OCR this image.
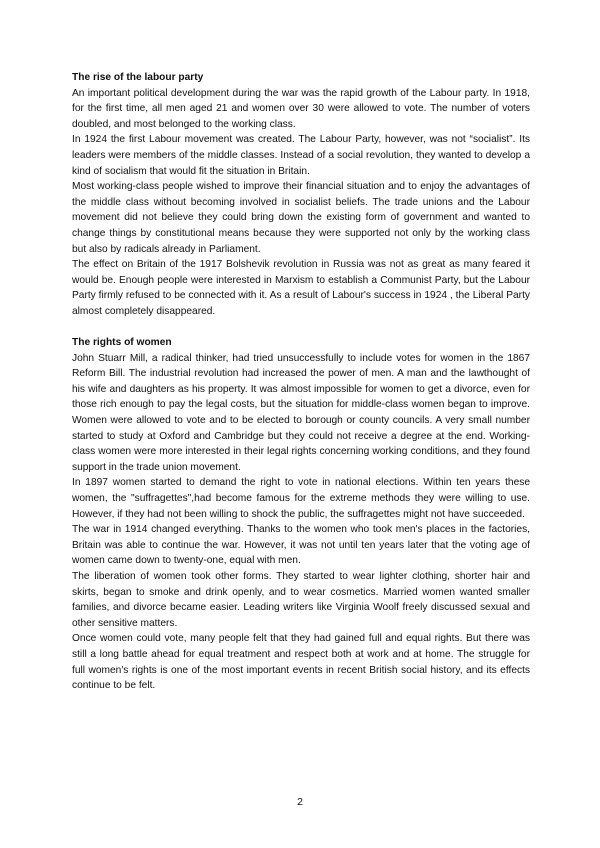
The rise of the labour party

An important political development during the war was the rapid growth of the Labour party. In 1918, for the first time, all men aged 21 and women over 30 were allowed to vote. The number of voters doubled, and most belonged to the working class.

In 1924 the first Labour movement was created. The Labour Party, however, was not “socialist”. Its leaders were members of the middle classes. Instead of a social revolution, they wanted to develop a kind of socialism that would fit the situation in Britain.

Most working-class people wished to improve their financial situation and to enjoy the advantages of the middle class without becoming involved in socialist beliefs. The trade unions and the Labour movement did not believe they could bring down the existing form of government and wanted to change things by constitutional means because they were supported not only by the working class but also by radicals already in Parliament.

The effect on Britain of the 1917 Bolshevik revolution in Russia was not as great as many feared it would be. Enough people were interested in Marxism to establish a Communist Party, but the Labour Party firmly refused to be connected with it. As a result of Labour's success in 1924 , the Liberal Party almost completely disappeared.

The rights of women

John Stuarr Mill, a radical thinker, had tried unsuccessfully to include votes for women in the 1867 Reform Bill. The industrial revolution had increased the power of men. A man and the lawthought of his wife and daughters as his property. It was almost impossible for women to get a divorce, even for those rich enough to pay the legal costs, but the situation for middle-class women began to improve. Women were allowed to vote and to be elected to borough or county councils. A very small number started to study at Oxford and Cambridge but they could not receive a degree at the end. Working-class women were more interested in their legal rights concerning working conditions, and they found support in the trade union movement.

In 1897 women started to demand the right to vote in national elections. Within ten years these women, the "suffragettes",had become famous for the extreme methods they were willing to use. However, if they had not been willing to shock the public, the suffragettes might not have succeeded.

The war in 1914 changed everything. Thanks to the women who took men's places in the factories, Britain was able to continue the war. However, it was not until ten years later that the voting age of women came down to twenty-one, equal with men.

The liberation of women took other forms. They started to wear lighter clothing, shorter hair and skirts, began to smoke and drink openly, and to wear cosmetics. Married women wanted smaller families, and divorce became easier. Leading writers like Virginia Woolf freely discussed sexual and other sensitive matters.

Once women could vote, many people felt that they had gained full and equal rights. But there was still a long battle ahead for equal treatment and respect both at work and at home. The struggle for full women's rights is one of the most important events in recent British social history, and its effects continue to be felt.

2
